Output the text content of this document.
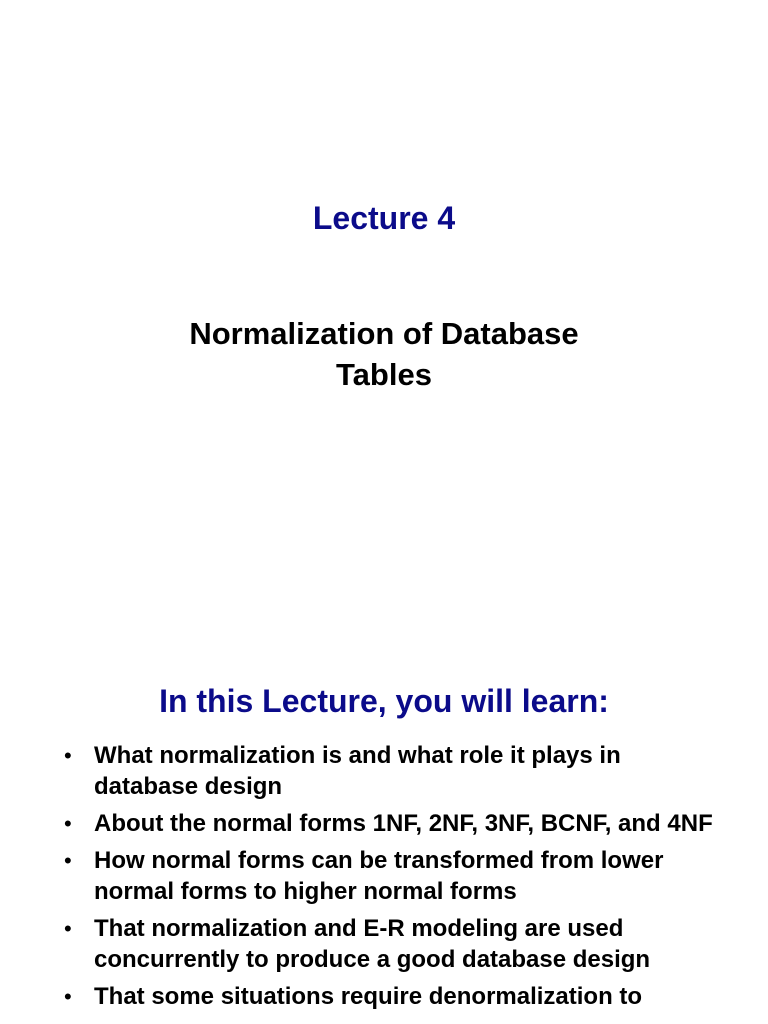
Lecture 4
Normalization of Database
Tables
In this Lecture, you will learn:
• What normalization is and what role it plays in database design
• About the normal forms 1NF, 2NF, 3NF, BCNF, and 4NF
• How normal forms can be transformed from lower normal forms to higher normal forms
• That normalization and E-R modeling are used concurrently to produce a good database design
• That some situations require denormalization to
